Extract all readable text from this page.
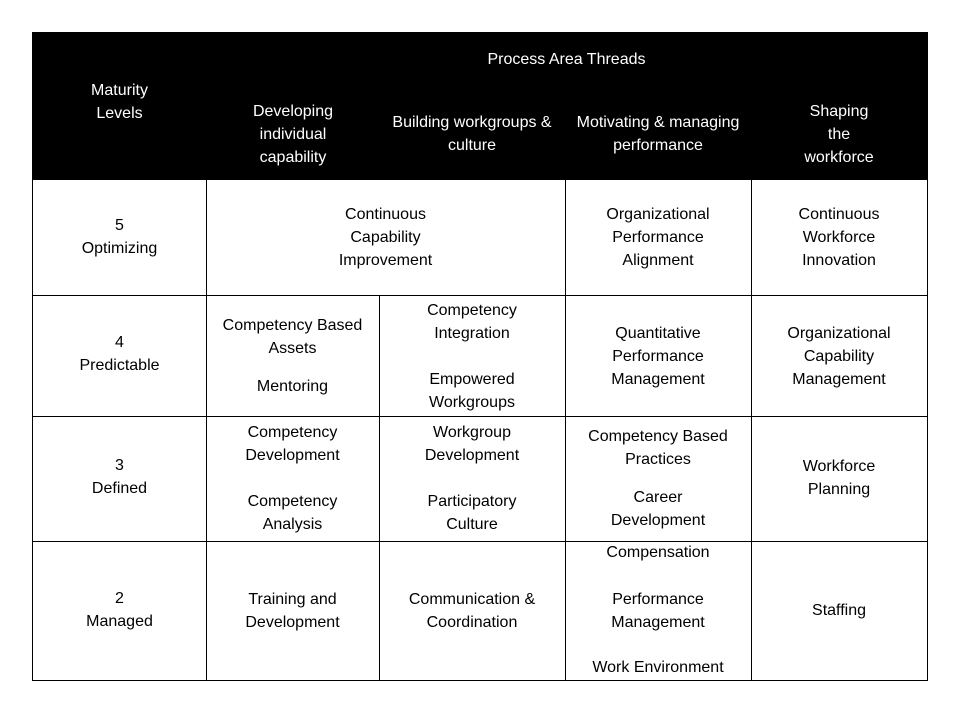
Maturity
Levels
Process Area Threads
Developing
individual
capability
Building workgroups &
culture
Motivating & managing
performance
Shaping
the
workforce
5
Optimizing
Continuous
Capability
Improvement
Organizational
Performance
Alignment
Continuous
Workforce
Innovation
4
Predictable
Competency Based
Assets
Mentoring
Competency
Integration
Empowered
Workgroups
Quantitative
Performance
Management
Organizational
Capability
Management
3
Defined
Competency
Development
Competency
Analysis
Workgroup
Development
Participatory
Culture
Competency Based
Practices
Career
Development
Workforce
Planning
2
Managed
Training and
Development
Communication &
Coordination
Compensation
Performance
Management
Work Environment
Staffing
